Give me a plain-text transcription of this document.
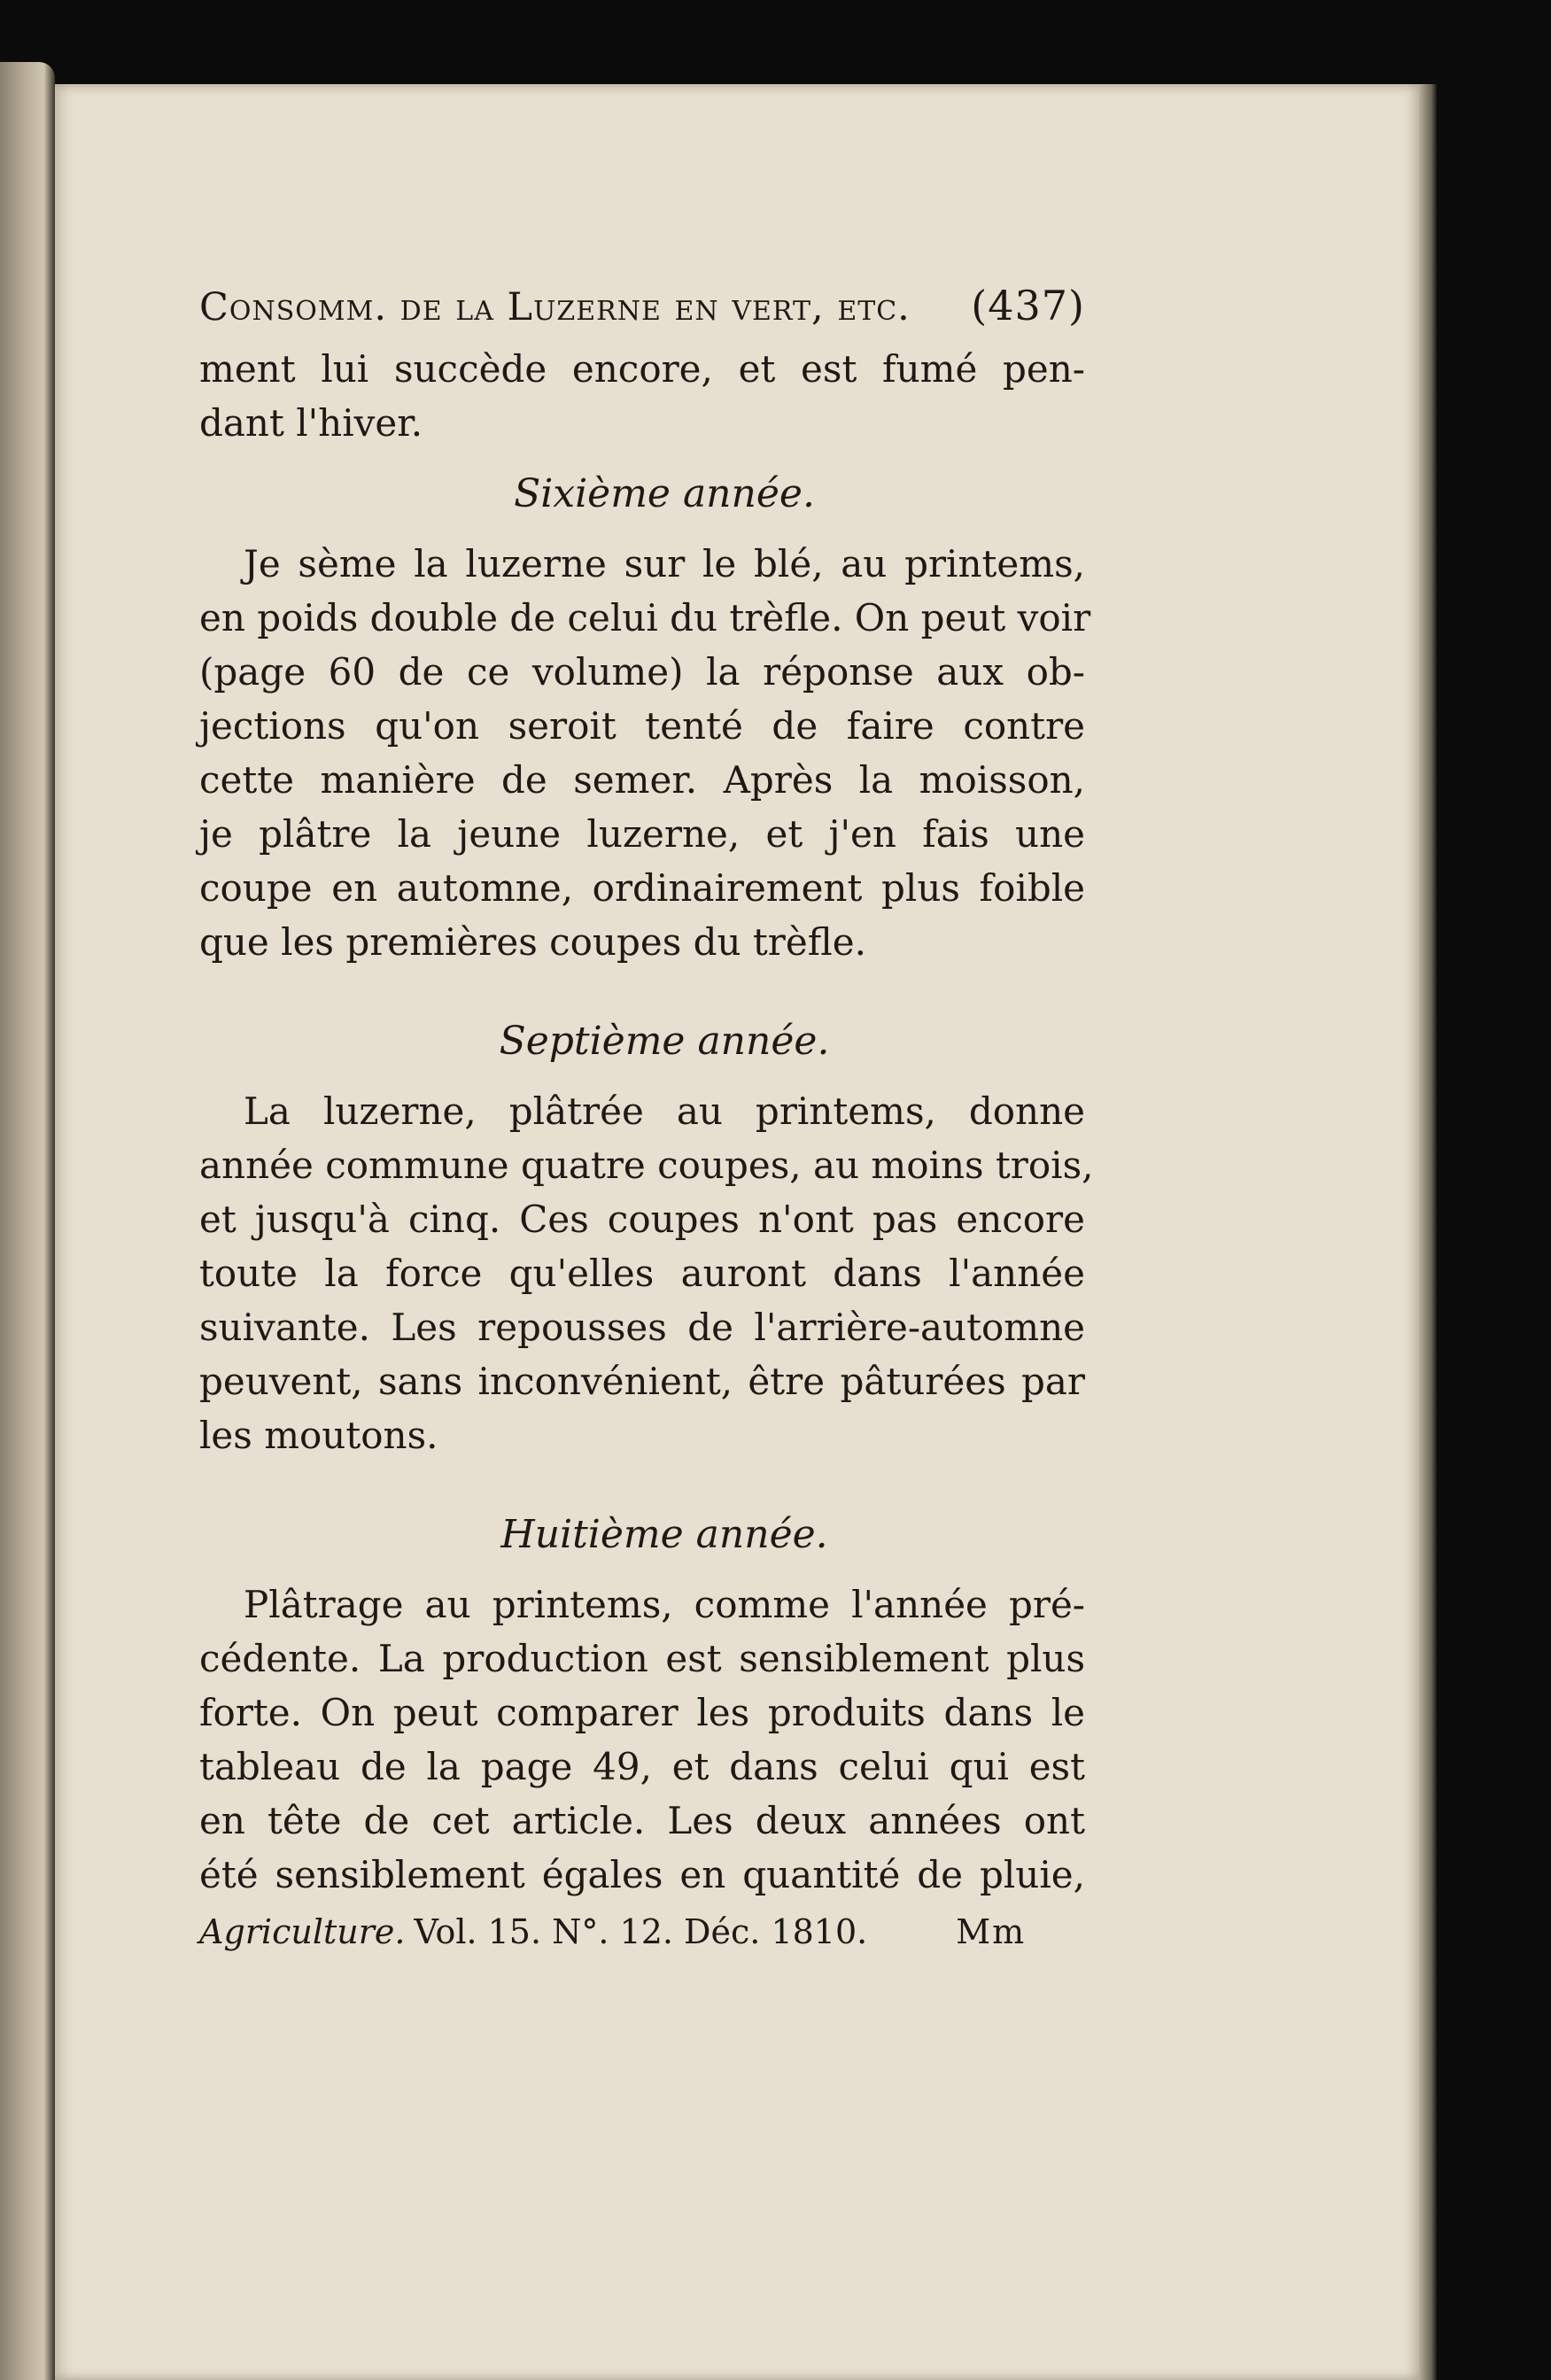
Consomm. de la Luzerne en vert, etc. (437)
ment lui succède encore, et est fumé pen-
dant l'hiver.
Sixième année.
Je sème la luzerne sur le blé, au printems,
en poids double de celui du trèfle. On peut voir
(page 60 de ce volume) la réponse aux ob-
jections qu'on seroit tenté de faire contre
cette manière de semer. Après la moisson,
je plâtre la jeune luzerne, et j'en fais une
coupe en automne, ordinairement plus foible
que les premières coupes du trèfle.
Septième année.
La luzerne, plâtrée au printems, donne
année commune quatre coupes, au moins trois,
et jusqu'à cinq. Ces coupes n'ont pas encore
toute la force qu'elles auront dans l'année
suivante. Les repousses de l'arrière-automne
peuvent, sans inconvénient, être pâturées par
les moutons.
Huitième année.
Plâtrage au printems, comme l'année pré-
cédente. La production est sensiblement plus
forte. On peut comparer les produits dans le
tableau de la page 49, et dans celui qui est
en tête de cet article. Les deux années ont
été sensiblement égales en quantité de pluie,
Agriculture. Vol. 15. N°. 12. Déc. 1810.	Mm
